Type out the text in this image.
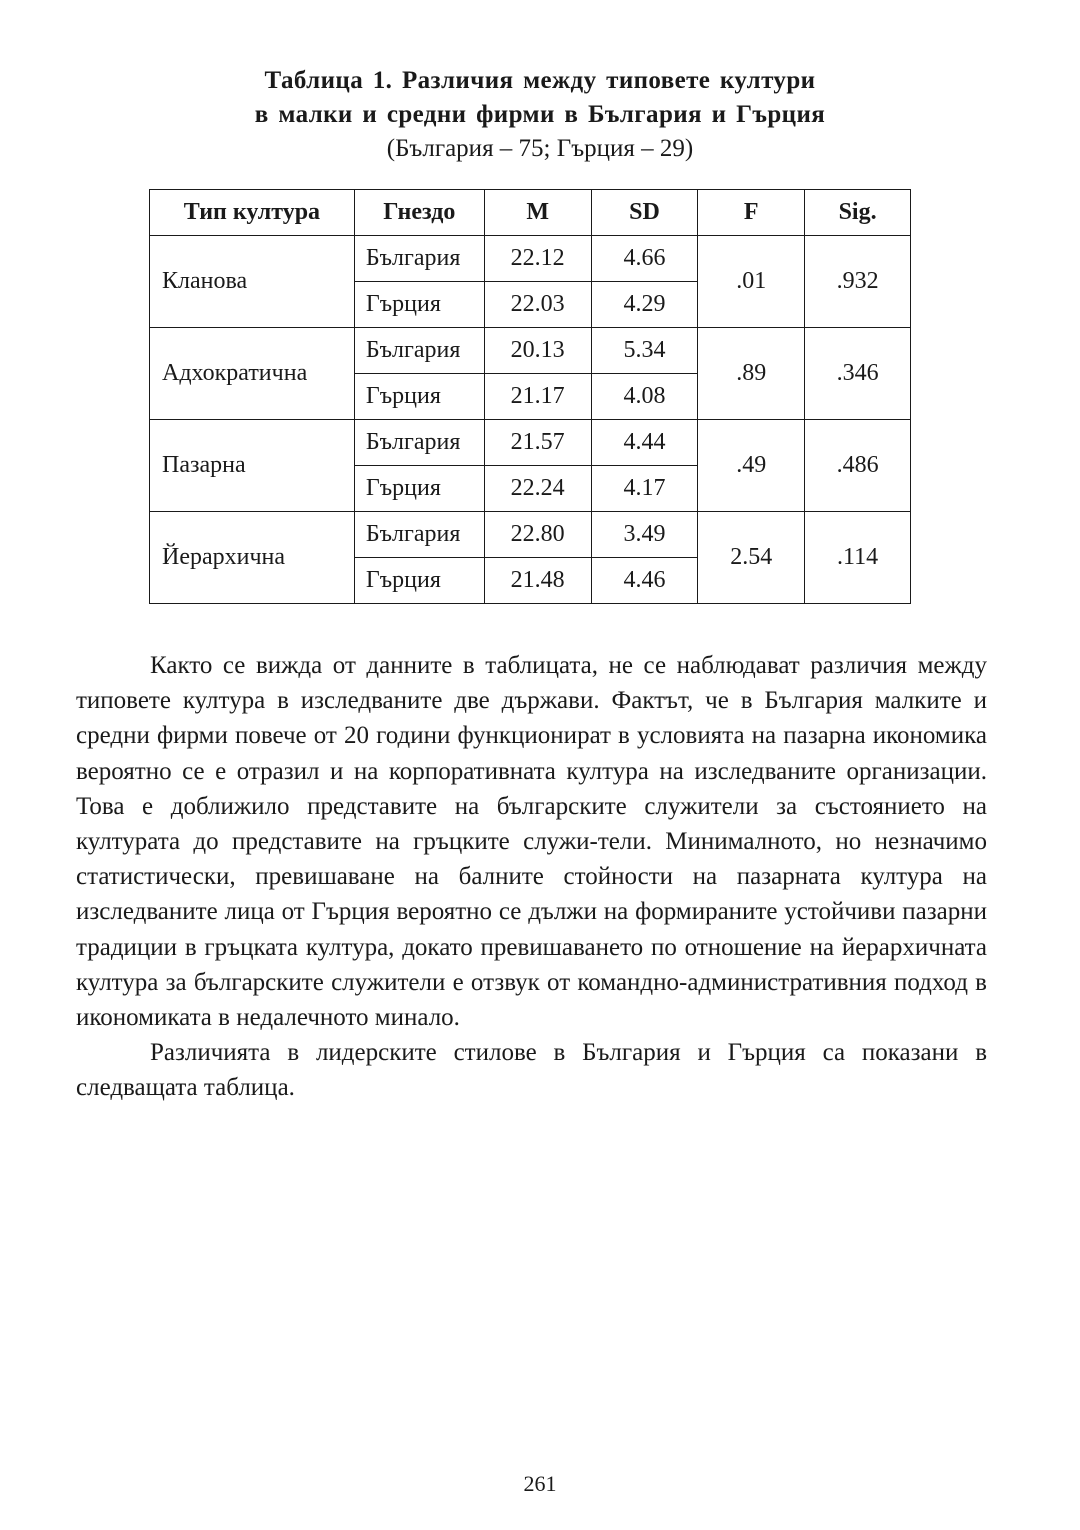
Таблица 1. Различия между типовете култури
в малки и средни фирми в България и Гърция
(България – 75; Гърция – 29)
Тип култура	Гнездо	M	SD	F	Sig.
Кланова	България	22.12	4.66	.01	.932
	Гърция	22.03	4.29		
Адхократична	България	20.13	5.34	.89	.346
	Гърция	21.17	4.08		
Пазарна	България	21.57	4.44	.49	.486
	Гърция	22.24	4.17		
Йерархична	България	22.80	3.49	2.54	.114
	Гърция	21.48	4.46		

Както се вижда от данните в таблицата, не се наблюдават различия между типовете култура в изследваните две държави. Фактът, че в България малките и средни фирми повече от 20 години функционират в условията на пазарна икономика вероятно се е отразил и на корпоративната култура на изследваните организации. Това е доближило представите на българските служители за състоянието на културата до представите на гръцките служи-тели. Минималното, но незначимо статистически, превишаване на балните стойности на пазарната култура на изследваните лица от Гърция вероятно се дължи на формираните устойчиви пазарни традиции в гръцката култура, докато превишаването по отношение на йерархичната култура за българските служители е отзвук от командно-административния подход в икономиката в недалечното минало.

Различията в лидерските стилове в България и Гърция са показани в следващата таблица.

261
